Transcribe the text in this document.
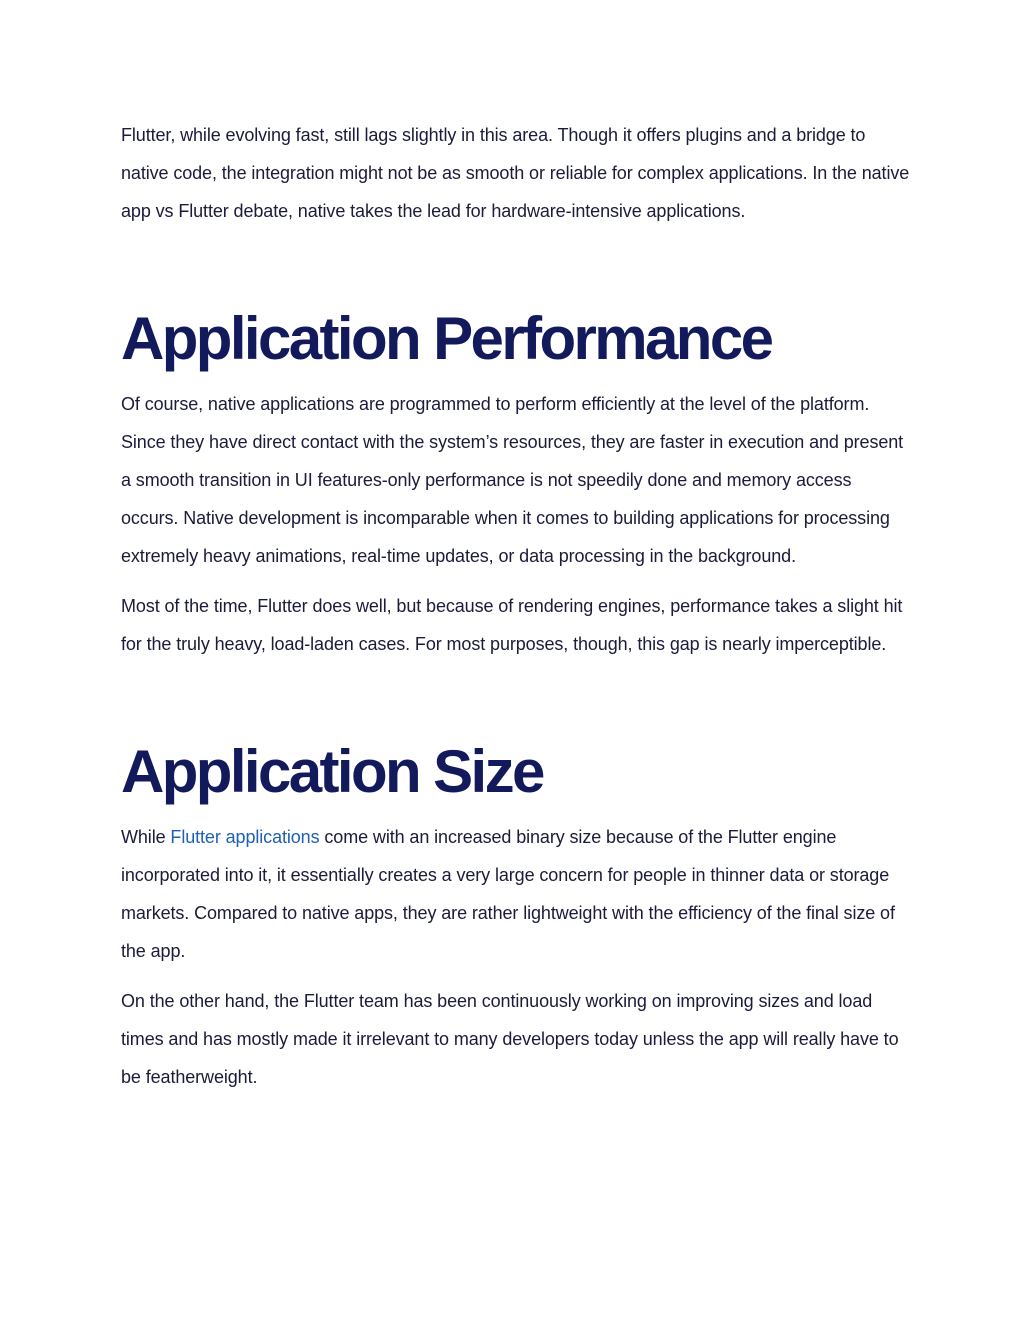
Flutter, while evolving fast, still lags slightly in this area. Though it offers plugins and a bridge to native code, the integration might not be as smooth or reliable for complex applications. In the native app vs Flutter debate, native takes the lead for hardware-intensive applications.

Application Performance

Of course, native applications are programmed to perform efficiently at the level of the platform. Since they have direct contact with the system’s resources, they are faster in execution and present a smooth transition in UI features-only performance is not speedily done and memory access occurs. Native development is incomparable when it comes to building applications for processing extremely heavy animations, real-time updates, or data processing in the background.

Most of the time, Flutter does well, but because of rendering engines, performance takes a slight hit for the truly heavy, load-laden cases. For most purposes, though, this gap is nearly imperceptible.

Application Size

While Flutter applications come with an increased binary size because of the Flutter engine incorporated into it, it essentially creates a very large concern for people in thinner data or storage markets. Compared to native apps, they are rather lightweight with the efficiency of the final size of the app.

On the other hand, the Flutter team has been continuously working on improving sizes and load times and has mostly made it irrelevant to many developers today unless the app will really have to be featherweight.
